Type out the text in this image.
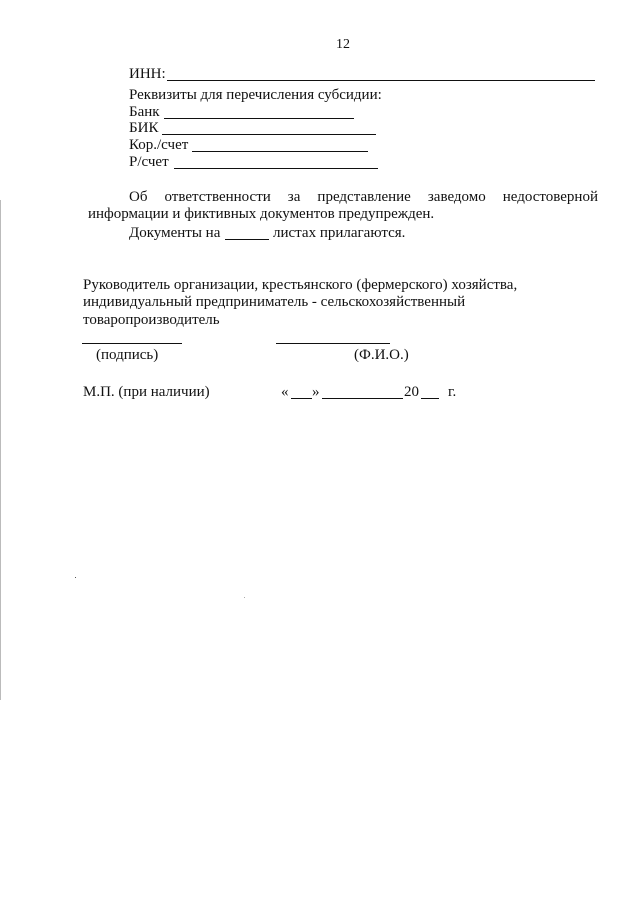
12
ИНН:
Реквизиты для перечисления субсидии:
Банк
БИК
Кор./счет
Р/счет
Об ответственности за представление заведомо недостоверной
информации и фиктивных документов предупрежден.
Документы на	листах прилагаются.
Руководитель организации, крестьянского (фермерского) хозяйства,
индивидуальный предприниматель - сельскохозяйственный
товаропроизводитель
(подпись)	(Ф.И.О.)
М.П. (при наличии)	« »	20 г.
